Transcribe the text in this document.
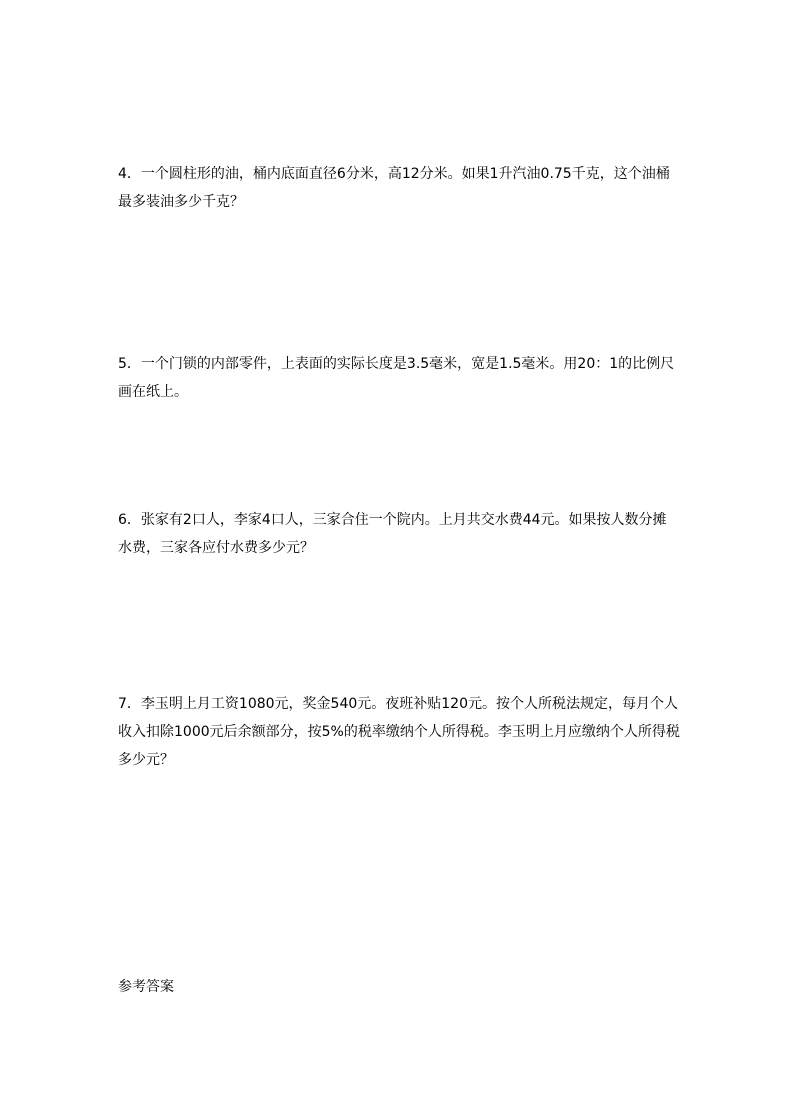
4．一个圆柱形的油，桶内底面直径6分米，高12分米。如果1升汽油0.75千克，这个油桶
最多装油多少千克？
5．一个门锁的内部零件，上表面的实际长度是3.5毫米，宽是1.5毫米。用20：1的比例尺
画在纸上。
6．张家有2口人，李家4口人，三家合住一个院内。上月共交水费44元。如果按人数分摊
水费，三家各应付水费多少元？
7．李玉明上月工资1080元，奖金540元。夜班补贴120元。按个人所税法规定，每月个人
收入扣除1000元后余额部分，按5%的税率缴纳个人所得税。李玉明上月应缴纳个人所得税
多少元？
参考答案
